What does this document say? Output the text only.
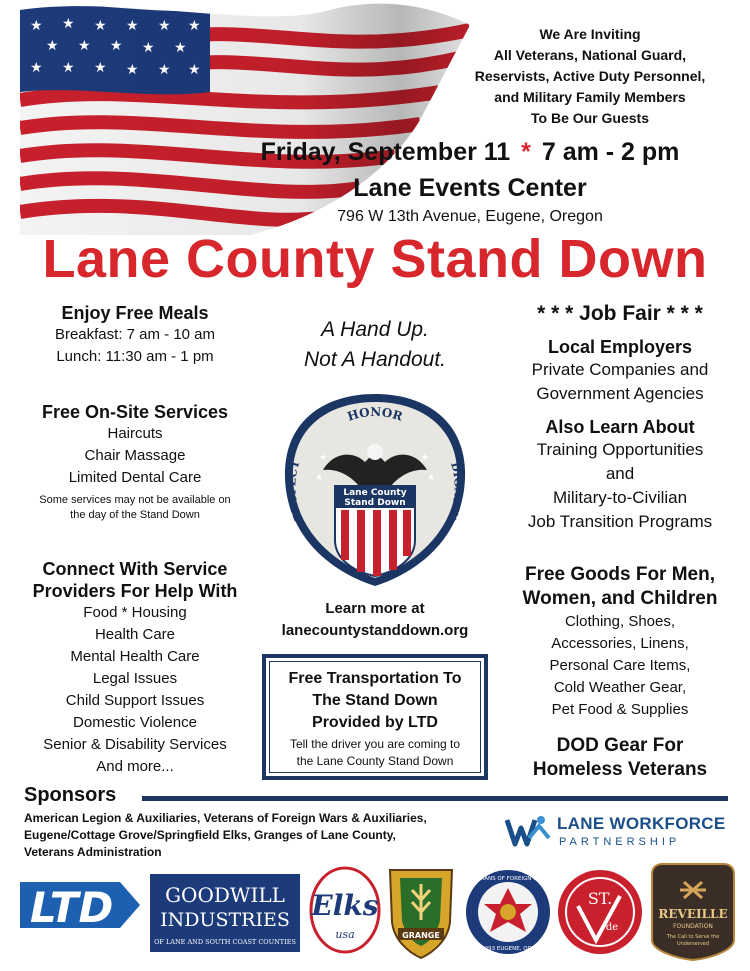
We Are Inviting
All Veterans, National Guard,
Reservists, Active Duty Personnel,
and Military Family Members
To Be Our Guests
Friday, September 11 * 7 am - 2 pm
Lane Events Center
796 W 13th Avenue, Eugene, Oregon
Lane County Stand Down
Enjoy Free Meals
Breakfast: 7 am - 10 am
Lunch: 11:30 am - 1 pm
Free On-Site Services
Haircuts
Chair Massage
Limited Dental Care
Some services may not be available on
the day of the Stand Down
Connect With Service
Providers For Help With
Food * Housing
Health Care
Mental Health Care
Legal Issues
Child Support Issues
Domestic Violence
Senior & Disability Services
And more...
A Hand Up.
Not A Handout.
HONOR
RESPECT	DIGNITY
Lane County
Stand Down
★	★
★	★
Learn more at
lanecountystanddown.org
Free Transportation To
The Stand Down
Provided by LTD
Tell the driver you are coming to
the Lane County Stand Down
* * * Job Fair * * *
Local Employers
Private Companies and
Government Agencies
Also Learn About
Training Opportunities
and
Military-to-Civilian
Job Transition Programs
Free Goods For Men,
Women, and Children
Clothing, Shoes,
Accessories, Linens,
Personal Care Items,
Cold Weather Gear,
Pet Food & Supplies
DOD Gear For
Homeless Veterans
Sponsors
American Legion & Auxiliaries, Veterans of Foreign Wars & Auxiliaries,
Eugene/Cottage Grove/Springfield Elks, Granges of Lane County,
Veterans Administration
LANE WORKFORCE
PARTNERSHIP
LTD	GOODWILL
INDUSTRIES
OF LANE AND SOUTH COAST COUNTIES
Elks
usa	GRANGE
VETERANS OF FOREIGN WARS
POST 293 EUGENE, OREGON
ST.
de
REVEILLE
FOUNDATION
The Call to Serve the
Underserved
